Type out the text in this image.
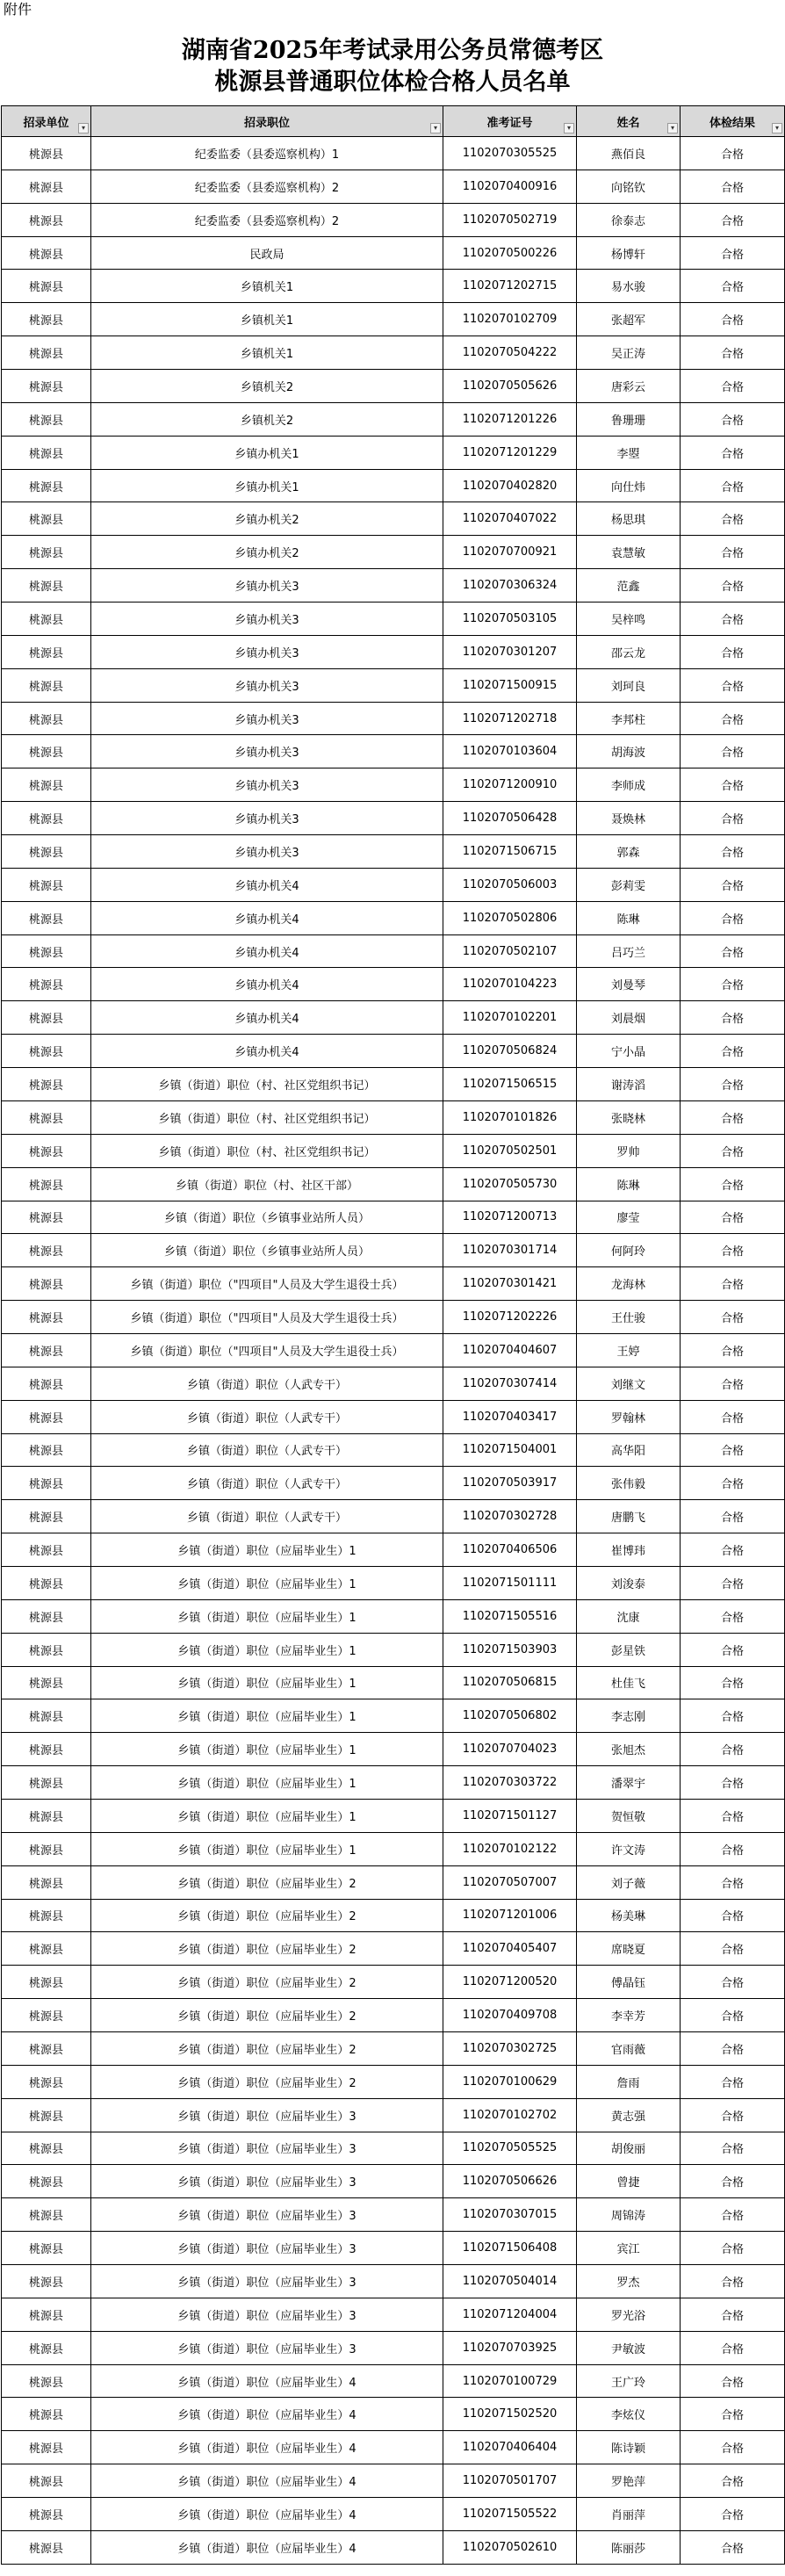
附件
湖南省2025年考试录用公务员常德考区
桃源县普通职位体检合格人员名单
招录单位 ▾	招录职位 ▾	准考证号 ▾	姓名 ▾	体检结果 ▾

桃源县	纪委监委（县委巡察机构）1	1102070305525	燕佰良	合格
桃源县	纪委监委（县委巡察机构）2	1102070400916	向铭钦	合格
桃源县	纪委监委（县委巡察机构）2	1102070502719	徐泰志	合格
桃源县	民政局	1102070500226	杨博轩	合格
桃源县	乡镇机关1	1102071202715	易水骏	合格
桃源县	乡镇机关1	1102070102709	张超军	合格
桃源县	乡镇机关1	1102070504222	吴正涛	合格
桃源县	乡镇机关2	1102070505626	唐彩云	合格
桃源县	乡镇机关2	1102071201226	鲁珊珊	合格
桃源县	乡镇办机关1	1102071201229	李曌	合格
桃源县	乡镇办机关1	1102070402820	向仕炜	合格
桃源县	乡镇办机关2	1102070407022	杨思琪	合格
桃源县	乡镇办机关2	1102070700921	袁慧敏	合格
桃源县	乡镇办机关3	1102070306324	范鑫	合格
桃源县	乡镇办机关3	1102070503105	吴梓鸣	合格
桃源县	乡镇办机关3	1102070301207	邵云龙	合格
桃源县	乡镇办机关3	1102071500915	刘珂良	合格
桃源县	乡镇办机关3	1102071202718	李邦柱	合格
桃源县	乡镇办机关3	1102070103604	胡海波	合格
桃源县	乡镇办机关3	1102071200910	李师成	合格
桃源县	乡镇办机关3	1102070506428	聂焕林	合格
桃源县	乡镇办机关3	1102071506715	郭森	合格
桃源县	乡镇办机关4	1102070506003	彭莉雯	合格
桃源县	乡镇办机关4	1102070502806	陈琳	合格
桃源县	乡镇办机关4	1102070502107	吕巧兰	合格
桃源县	乡镇办机关4	1102070104223	刘曼琴	合格
桃源县	乡镇办机关4	1102070102201	刘晨烟	合格
桃源县	乡镇办机关4	1102070506824	宁小晶	合格
桃源县	乡镇（街道）职位（村、社区党组织书记）	1102071506515	谢涛滔	合格
桃源县	乡镇（街道）职位（村、社区党组织书记）	1102070101826	张晓林	合格
桃源县	乡镇（街道）职位（村、社区党组织书记）	1102070502501	罗帅	合格
桃源县	乡镇（街道）职位（村、社区干部）	1102070505730	陈琳	合格
桃源县	乡镇（街道）职位（乡镇事业站所人员）	1102071200713	廖莹	合格
桃源县	乡镇（街道）职位（乡镇事业站所人员）	1102070301714	何阿玲	合格
桃源县	乡镇（街道）职位（"四项目"人员及大学生退役士兵）	1102070301421	龙海林	合格
桃源县	乡镇（街道）职位（"四项目"人员及大学生退役士兵）	1102071202226	王仕骏	合格
桃源县	乡镇（街道）职位（"四项目"人员及大学生退役士兵）	1102070404607	王婷	合格
桃源县	乡镇（街道）职位（人武专干）	1102070307414	刘继文	合格
桃源县	乡镇（街道）职位（人武专干）	1102070403417	罗翰林	合格
桃源县	乡镇（街道）职位（人武专干）	1102071504001	高华阳	合格
桃源县	乡镇（街道）职位（人武专干）	1102070503917	张伟毅	合格
桃源县	乡镇（街道）职位（人武专干）	1102070302728	唐鹏飞	合格
桃源县	乡镇（街道）职位（应届毕业生）1	1102070406506	崔博玮	合格
桃源县	乡镇（街道）职位（应届毕业生）1	1102071501111	刘浚泰	合格
桃源县	乡镇（街道）职位（应届毕业生）1	1102071505516	沈康	合格
桃源县	乡镇（街道）职位（应届毕业生）1	1102071503903	彭星铁	合格
桃源县	乡镇（街道）职位（应届毕业生）1	1102070506815	杜佳飞	合格
桃源县	乡镇（街道）职位（应届毕业生）1	1102070506802	李志刚	合格
桃源县	乡镇（街道）职位（应届毕业生）1	1102070704023	张旭杰	合格
桃源县	乡镇（街道）职位（应届毕业生）1	1102070303722	潘翠宇	合格
桃源县	乡镇（街道）职位（应届毕业生）1	1102071501127	贺恒敬	合格
桃源县	乡镇（街道）职位（应届毕业生）1	1102070102122	许文涛	合格
桃源县	乡镇（街道）职位（应届毕业生）2	1102070507007	刘子薇	合格
桃源县	乡镇（街道）职位（应届毕业生）2	1102071201006	杨美琳	合格
桃源县	乡镇（街道）职位（应届毕业生）2	1102070405407	席晓夏	合格
桃源县	乡镇（街道）职位（应届毕业生）2	1102071200520	傅晶钰	合格
桃源县	乡镇（街道）职位（应届毕业生）2	1102070409708	李幸芳	合格
桃源县	乡镇（街道）职位（应届毕业生）2	1102070302725	官雨薇	合格
桃源县	乡镇（街道）职位（应届毕业生）2	1102070100629	詹雨	合格
桃源县	乡镇（街道）职位（应届毕业生）3	1102070102702	黄志强	合格
桃源县	乡镇（街道）职位（应届毕业生）3	1102070505525	胡俊丽	合格
桃源县	乡镇（街道）职位（应届毕业生）3	1102070506626	曾捷	合格
桃源县	乡镇（街道）职位（应届毕业生）3	1102070307015	周锦涛	合格
桃源县	乡镇（街道）职位（应届毕业生）3	1102071506408	宾江	合格
桃源县	乡镇（街道）职位（应届毕业生）3	1102070504014	罗杰	合格
桃源县	乡镇（街道）职位（应届毕业生）3	1102071204004	罗光浴	合格
桃源县	乡镇（街道）职位（应届毕业生）3	1102070703925	尹敏波	合格
桃源县	乡镇（街道）职位（应届毕业生）4	1102070100729	王广玲	合格
桃源县	乡镇（街道）职位（应届毕业生）4	1102071502520	李炫仪	合格
桃源县	乡镇（街道）职位（应届毕业生）4	1102070406404	陈诗颖	合格
桃源县	乡镇（街道）职位（应届毕业生）4	1102070501707	罗艳萍	合格
桃源县	乡镇（街道）职位（应届毕业生）4	1102071505522	肖丽萍	合格
桃源县	乡镇（街道）职位（应届毕业生）4	1102070502610	陈丽莎	合格
